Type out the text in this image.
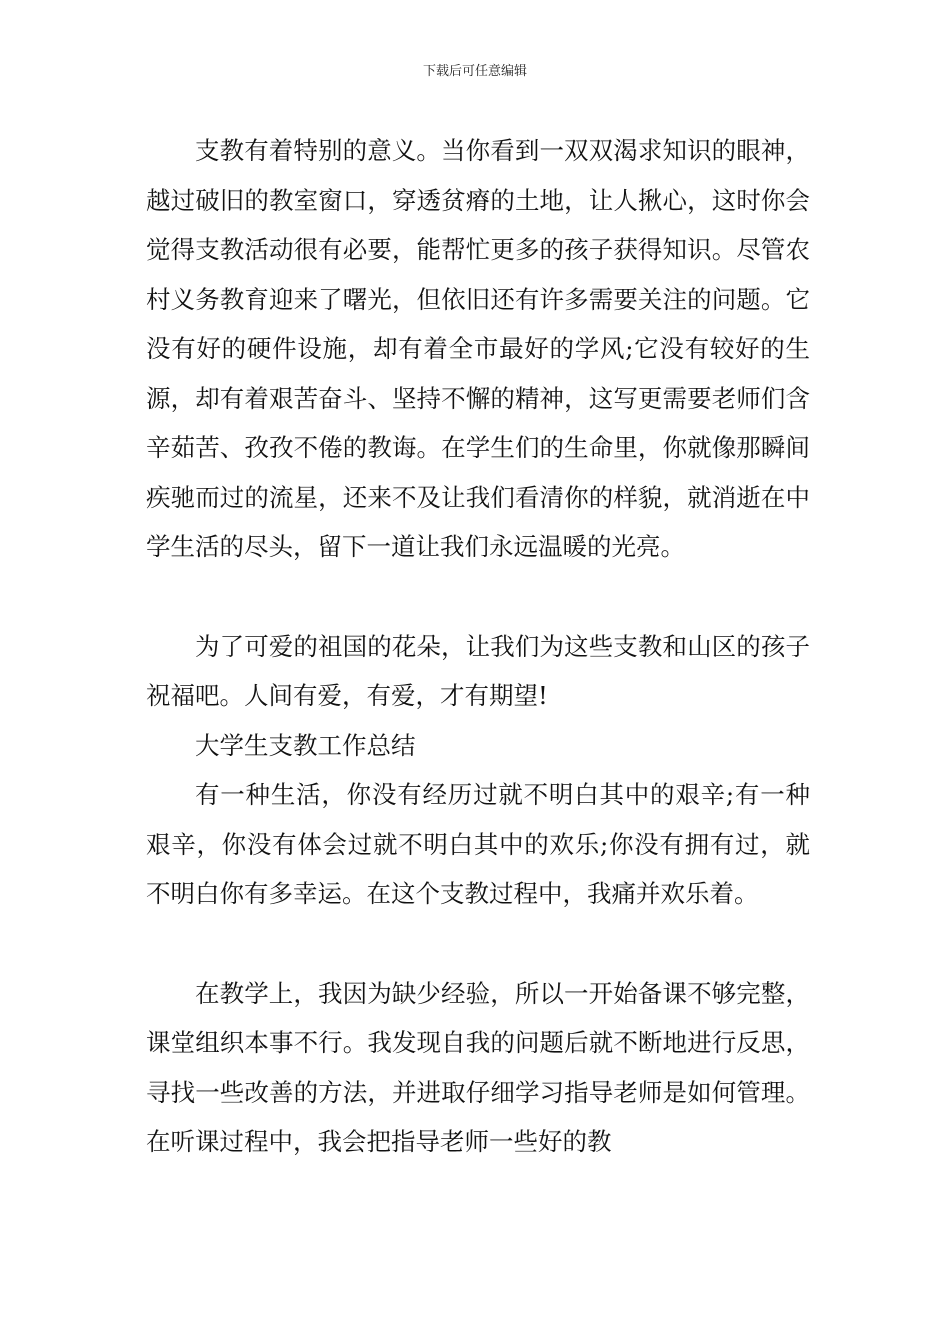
下载后可任意编辑

支教有着特别的意义。当你看到一双双渴求知识的眼神，越过破旧的教室窗口，穿透贫瘠的土地，让人揪心，这时你会觉得支教活动很有必要，能帮忙更多的孩子获得知识。尽管农村义务教育迎来了曙光，但依旧还有许多需要关注的问题。它没有好的硬件设施，却有着全市最好的学风;它没有较好的生源，却有着艰苦奋斗、坚持不懈的精神，这写更需要老师们含辛茹苦、孜孜不倦的教诲。在学生们的生命里，你就像那瞬间疾驰而过的流星，还来不及让我们看清你的样貌，就消逝在中学生活的尽头，留下一道让我们永远温暖的光亮。

为了可爱的祖国的花朵，让我们为这些支教和山区的孩子祝福吧。人间有爱，有爱，才有期望!

大学生支教工作总结

有一种生活，你没有经历过就不明白其中的艰辛;有一种艰辛，你没有体会过就不明白其中的欢乐;你没有拥有过，就不明白你有多幸运。在这个支教过程中，我痛并欢乐着。

在教学上，我因为缺少经验，所以一开始备课不够完整，课堂组织本事不行。我发现自我的问题后就不断地进行反思，寻找一些改善的方法，并进取仔细学习指导老师是如何管理。在听课过程中，我会把指导老师一些好的教
